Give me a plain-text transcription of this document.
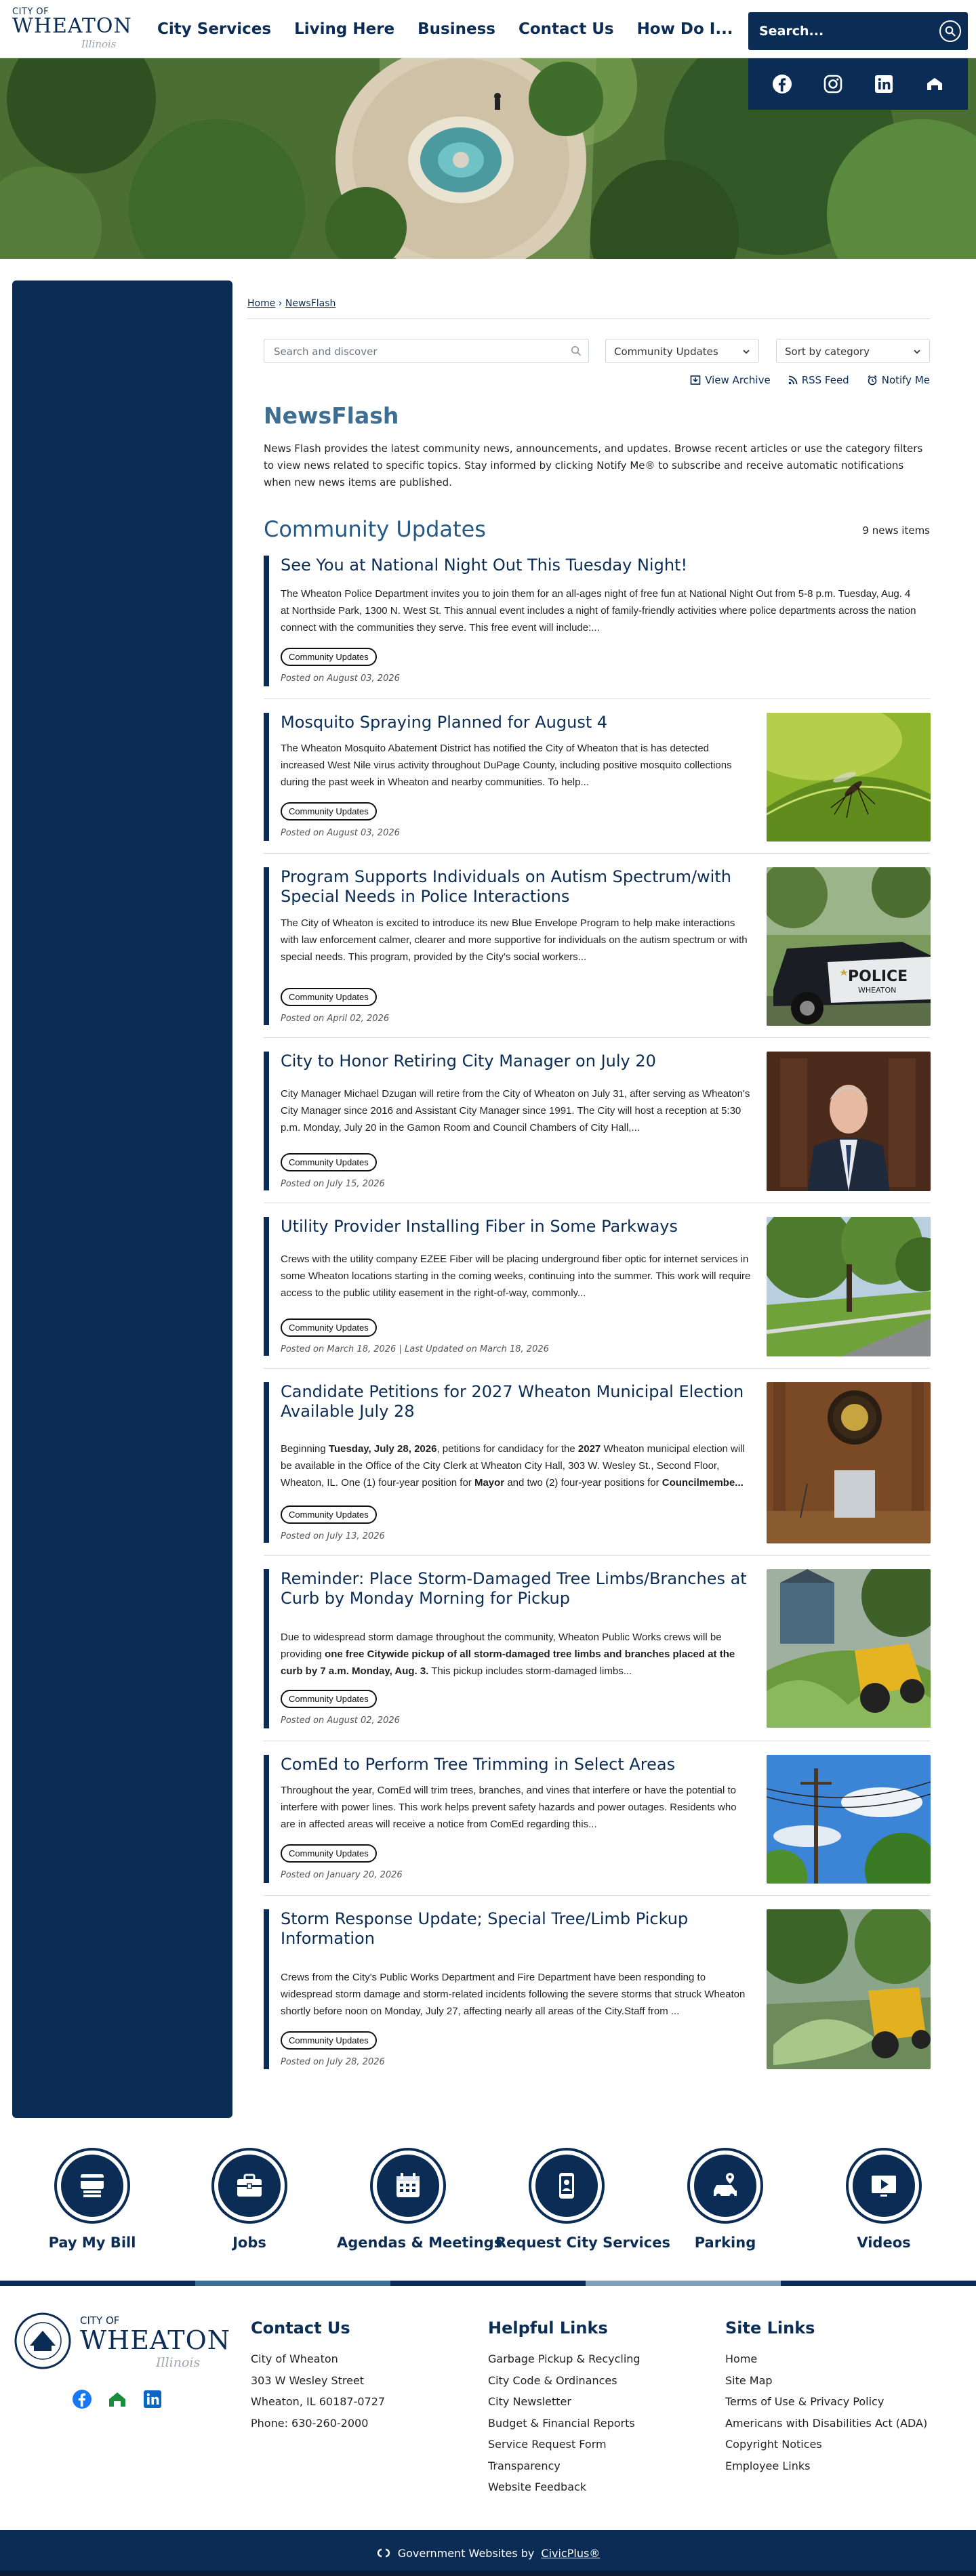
CITY OF
WHEATON
Illinois
City Services Living Here Business Contact Us How Do I...
Search...
Home › NewsFlash
Search and discover
Community Updates	Sort by category
View Archive	RSS Feed	Notify Me
NewsFlash

News Flash provides the latest community news, announcements, and updates. Browse recent articles or use the category filters to view news related to specific topics. Stay informed by clicking Notify Me® to subscribe and receive automatic notifications when new news items are published.

Community Updates	9 news items
See You at National Night Out This Tuesday Night!
The Wheaton Police Department invites you to join them for an all-ages night of free fun at National Night Out from 5-8 p.m. Tuesday, Aug. 4 at Northside Park, 1300 N. West St. This annual event includes a night of family-friendly activities where police departments across the nation connect with the communities they serve. This free event will include:...
Community Updates
Posted on August 03, 2026
Mosquito Spraying Planned for August 4
The Wheaton Mosquito Abatement District has notified the City of Wheaton that is has detected increased West Nile virus activity throughout DuPage County, including positive mosquito collections during the past week in Wheaton and nearby communities. To help...
Community Updates
Posted on August 03, 2026
Program Supports Individuals on Autism Spectrum/with Special Needs in Police Interactions
The City of Wheaton is excited to introduce its new Blue Envelope Program to help make interactions with law enforcement calmer, clearer and more supportive for individuals on the autism spectrum or with special needs. This program, provided by the City's social workers...
Community Updates
Posted on April 02, 2026
POLICE
WHEATON
City to Honor Retiring City Manager on July 20
City Manager Michael Dzugan will retire from the City of Wheaton on July 31, after serving as Wheaton's City Manager since 2016 and Assistant City Manager since 1991. The City will host a reception at 5:30 p.m. Monday, July 20 in the Gamon Room and Council Chambers of City Hall,...
Community Updates
Posted on July 15, 2026
Utility Provider Installing Fiber in Some Parkways
Crews with the utility company EZEE Fiber will be placing underground fiber optic for internet services in some Wheaton locations starting in the coming weeks, continuing into the summer. This work will require access to the public utility easement in the right-of-way, commonly...
Community Updates
Posted on March 18, 2026 | Last Updated on March 18, 2026
Candidate Petitions for 2027 Wheaton Municipal Election Available July 28
Beginning Tuesday, July 28, 2026, petitions for candidacy for the 2027 Wheaton municipal election will be available in the Office of the City Clerk at Wheaton City Hall, 303 W. Wesley St., Second Floor, Wheaton, IL. One (1) four-year position for Mayor and two (2) four-year positions for Councilmembe...
Community Updates
Posted on July 13, 2026
Reminder: Place Storm-Damaged Tree Limbs/Branches at Curb by Monday Morning for Pickup
Due to widespread storm damage throughout the community, Wheaton Public Works crews will be providing one free Citywide pickup of all storm-damaged tree limbs and branches placed at the curb by 7 a.m. Monday, Aug. 3. This pickup includes storm-damaged limbs...
Community Updates
Posted on August 02, 2026
ComEd to Perform Tree Trimming in Select Areas
Throughout the year, ComEd will trim trees, branches, and vines that interfere or have the potential to interfere with power lines. This work helps prevent safety hazards and power outages. Residents who are in affected areas will receive a notice from ComEd regarding this...
Community Updates
Posted on January 20, 2026
Storm Response Update; Special Tree/Limb Pickup Information
Crews from the City's Public Works Department and Fire Department have been responding to widespread storm damage and storm-related incidents following the severe storms that struck Wheaton shortly before noon on Monday, July 27, affecting nearly all areas of the City.Staff from ...
Community Updates
Posted on July 28, 2026
Pay My Bill	Jobs	Agendas & Meetings
Request City Services	Parking	Videos
CITY OF
WHEATON
Illinois
Contact Us
City of Wheaton
303 W Wesley Street
Wheaton, IL 60187-0727
Phone: 630-260-2000
Helpful Links
Garbage Pickup & Recycling
City Code & Ordinances
City Newsletter
Budget & Financial Reports
Service Request Form
Transparency
Website Feedback
Site Links
Home
Site Map
Terms of Use & Privacy Policy
Americans with Disabilities Act (ADA)
Copyright Notices
Employee Links
Government Websites by CivicPlus®
